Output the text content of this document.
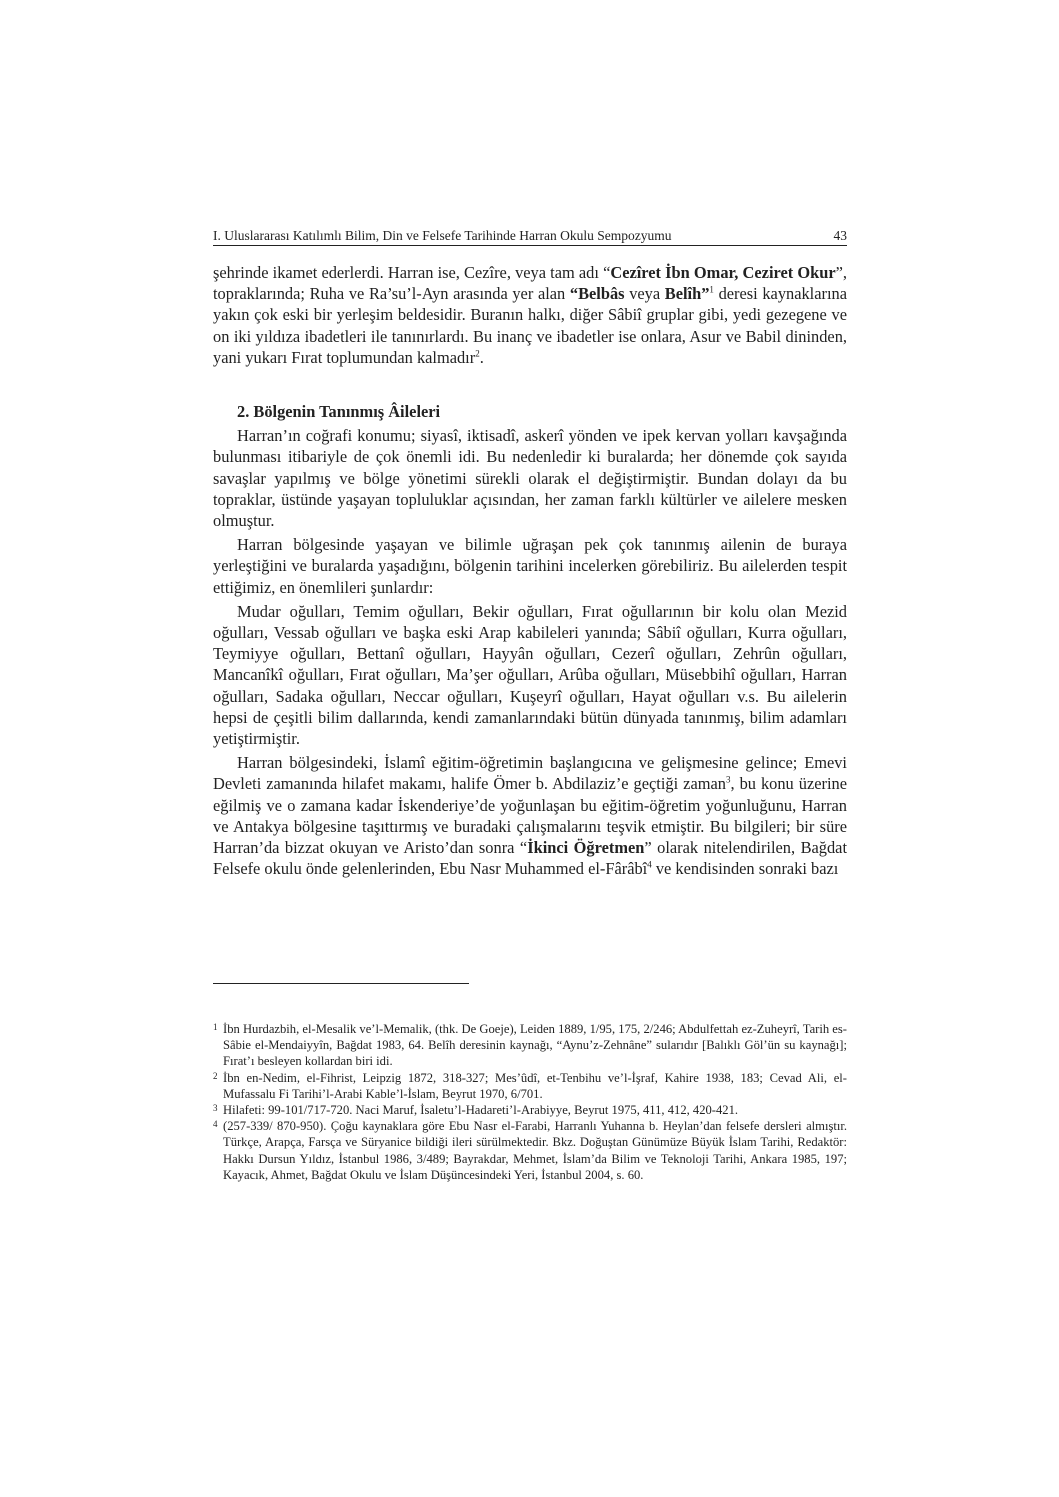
I. Uluslararası Katılımlı Bilim, Din ve Felsefe Tarihinde Harran Okulu Sempozyumu	43

şehrinde ikamet ederlerdi. Harran ise, Cezîre, veya tam adı “Cezîret İbn Omar, Ceziret Okur”, topraklarında; Ruha ve Ra’su’l-Ayn arasında yer alan “Belbâs veya Belîh”$^1$ deresi kaynaklarına yakın çok eski bir yerleşim beldesidir. Buranın halkı, diğer Sâbiî gruplar gibi, yedi gezegene ve on iki yıldıza ibadetleri ile tanınırlardı. Bu inanç ve ibadetler ise onlara, Asur ve Babil dininden, yani yukarı Fırat toplumundan kalmadır$^2$.

2. Bölgenin Tanınmış Âileleri

Harran’ın coğrafi konumu; siyasî, iktisadî, askerî yönden ve ipek kervan yolları kavşağında bulunması itibariyle de çok önemli idi. Bu nedenledir ki buralarda; her dönemde çok sayıda savaşlar yapılmış ve bölge yönetimi sürekli olarak el değiştirmiştir. Bundan dolayı da bu topraklar, üstünde yaşayan topluluklar açısından, her zaman farklı kültürler ve ailelere mesken olmuştur.

Harran bölgesinde yaşayan ve bilimle uğraşan pek çok tanınmış ailenin de buraya yerleştiğini ve buralarda yaşadığını, bölgenin tarihini incelerken görebiliriz. Bu ailelerden tespit ettiğimiz, en önemlileri şunlardır:

Mudar oğulları, Temim oğulları, Bekir oğulları, Fırat oğullarının bir kolu olan Mezid oğulları, Vessab oğulları ve başka eski Arap kabileleri yanında; Sâbiî oğulları, Kurra oğulları, Teymiyye oğulları, Bettanî oğulları, Hayyân oğulları, Cezerî oğulları, Zehrûn oğulları, Mancanîkî oğulları, Fırat oğulları, Ma’şer oğulları, Arûba oğulları, Müsebbihî oğulları, Harran oğulları, Sadaka oğulları, Neccar oğulları, Kuşeyrî oğulları, Hayat oğulları v.s. Bu ailelerin hepsi de çeşitli bilim dallarında, kendi zamanlarındaki bütün dünyada tanınmış, bilim adamları yetiştirmiştir.

Harran bölgesindeki, İslamî eğitim-öğretimin başlangıcına ve gelişmesine gelince; Emevi Devleti zamanında hilafet makamı, halife Ömer b. Abdilaziz’e geçtiği zaman$^3$, bu konu üzerine eğilmiş ve o zamana kadar İskenderiye’de yoğunlaşan bu eğitim-öğretim yoğunluğunu, Harran ve Antakya bölgesine taşıttırmış ve buradaki çalışmalarını teşvik etmiştir. Bu bilgileri; bir süre Harran’da bizzat okuyan ve Aristo’dan sonra “İkinci Öğretmen” olarak nitelendirilen, Bağdat Felsefe okulu önde gelenlerinden, Ebu Nasr Muhammed el-Fârâbî$^4$ ve kendisinden sonraki bazı

1 İbn Hurdazbih, el-Mesalik ve’l-Memalik, (thk. De Goeje), Leiden 1889, 1/95, 175, 2/246; Abdulfettah ez-Zuheyrî, Tarih es-Sâbie el-Mendaiyyîn, Bağdat 1983, 64. Belîh deresinin kaynağı, “Aynu’z-Zehnâne” sularıdır [Balıklı Göl’ün su kaynağı]; Fırat’ı besleyen kollardan biri idi.
2 İbn en-Nedim, el-Fihrist, Leipzig 1872, 318-327; Mes’ûdî, et-Tenbihu ve’l-İşraf, Kahire 1938, 183; Cevad Ali, el-Mufassalu Fi Tarihi’l-Arabi Kable’l-İslam, Beyrut 1970, 6/701.
3 Hilafeti: 99-101/717-720. Naci Maruf, İsaletu’l-Hadareti’l-Arabiyye, Beyrut 1975, 411, 412, 420-421.
4 (257-339/ 870-950). Çoğu kaynaklara göre Ebu Nasr el-Farabi, Harranlı Yuhanna b. Heylan’dan felsefe dersleri almıştır. Türkçe, Arapça, Farsça ve Süryanice bildiği ileri sürülmektedir. Bkz. Doğuştan Günümüze Büyük İslam Tarihi, Redaktör: Hakkı Dursun Yıldız, İstanbul 1986, 3/489; Bayrakdar, Mehmet, İslam’da Bilim ve Teknoloji Tarihi, Ankara 1985, 197; Kayacık, Ahmet, Bağdat Okulu ve İslam Düşüncesindeki Yeri, İstanbul 2004, s. 60.
